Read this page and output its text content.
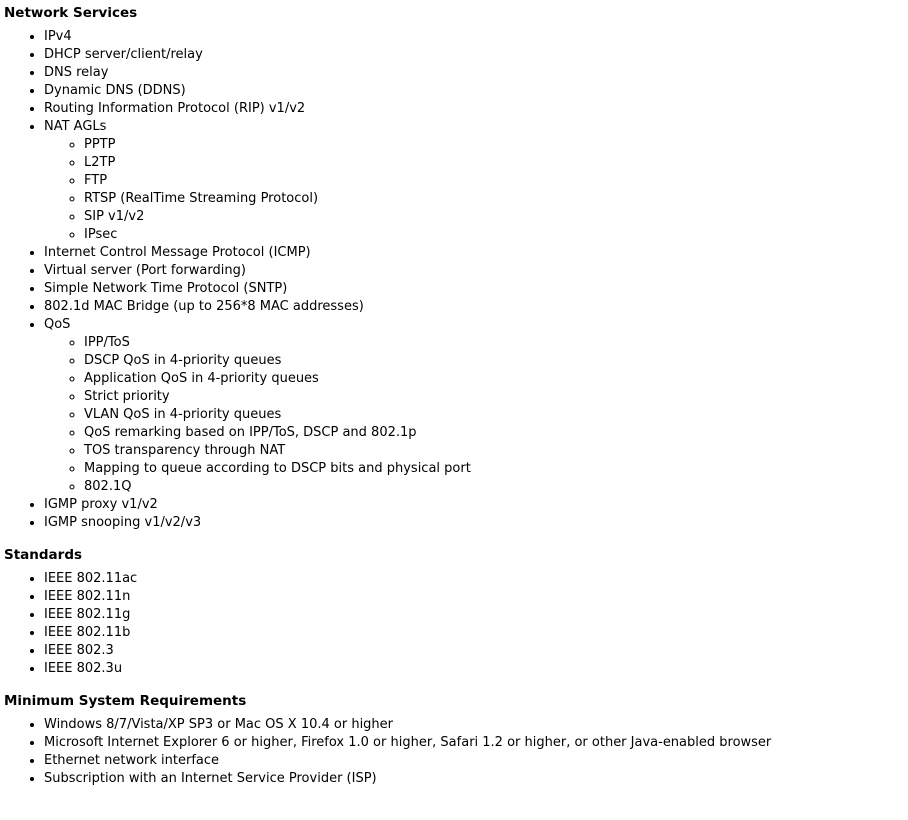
Network Services
• IPv4
• DHCP server/client/relay
• DNS relay
• Dynamic DNS (DDNS)
• Routing Information Protocol (RIP) v1/v2
• NAT AGLs
◦ PPTP
◦ L2TP
◦ FTP
◦ RTSP (RealTime Streaming Protocol)
◦ SIP v1/v2
◦ IPsec
• Internet Control Message Protocol (ICMP)
• Virtual server (Port forwarding)
• Simple Network Time Protocol (SNTP)
• 802.1d MAC Bridge (up to 256*8 MAC addresses)
• QoS
◦ IPP/ToS
◦ DSCP QoS in 4-priority queues
◦ Application QoS in 4-priority queues
◦ Strict priority
◦ VLAN QoS in 4-priority queues
◦ QoS remarking based on IPP/ToS, DSCP and 802.1p
◦ TOS transparency through NAT
◦ Mapping to queue according to DSCP bits and physical port
◦ 802.1Q
• IGMP proxy v1/v2
• IGMP snooping v1/v2/v3
Standards
• IEEE 802.11ac
• IEEE 802.11n
• IEEE 802.11g
• IEEE 802.11b
• IEEE 802.3
• IEEE 802.3u
Minimum System Requirements
• Windows 8/7/Vista/XP SP3 or Mac OS X 10.4 or higher
• Microsoft Internet Explorer 6 or higher, Firefox 1.0 or higher, Safari 1.2 or higher, or other Java-enabled browser
• Ethernet network interface
• Subscription with an Internet Service Provider (ISP)
